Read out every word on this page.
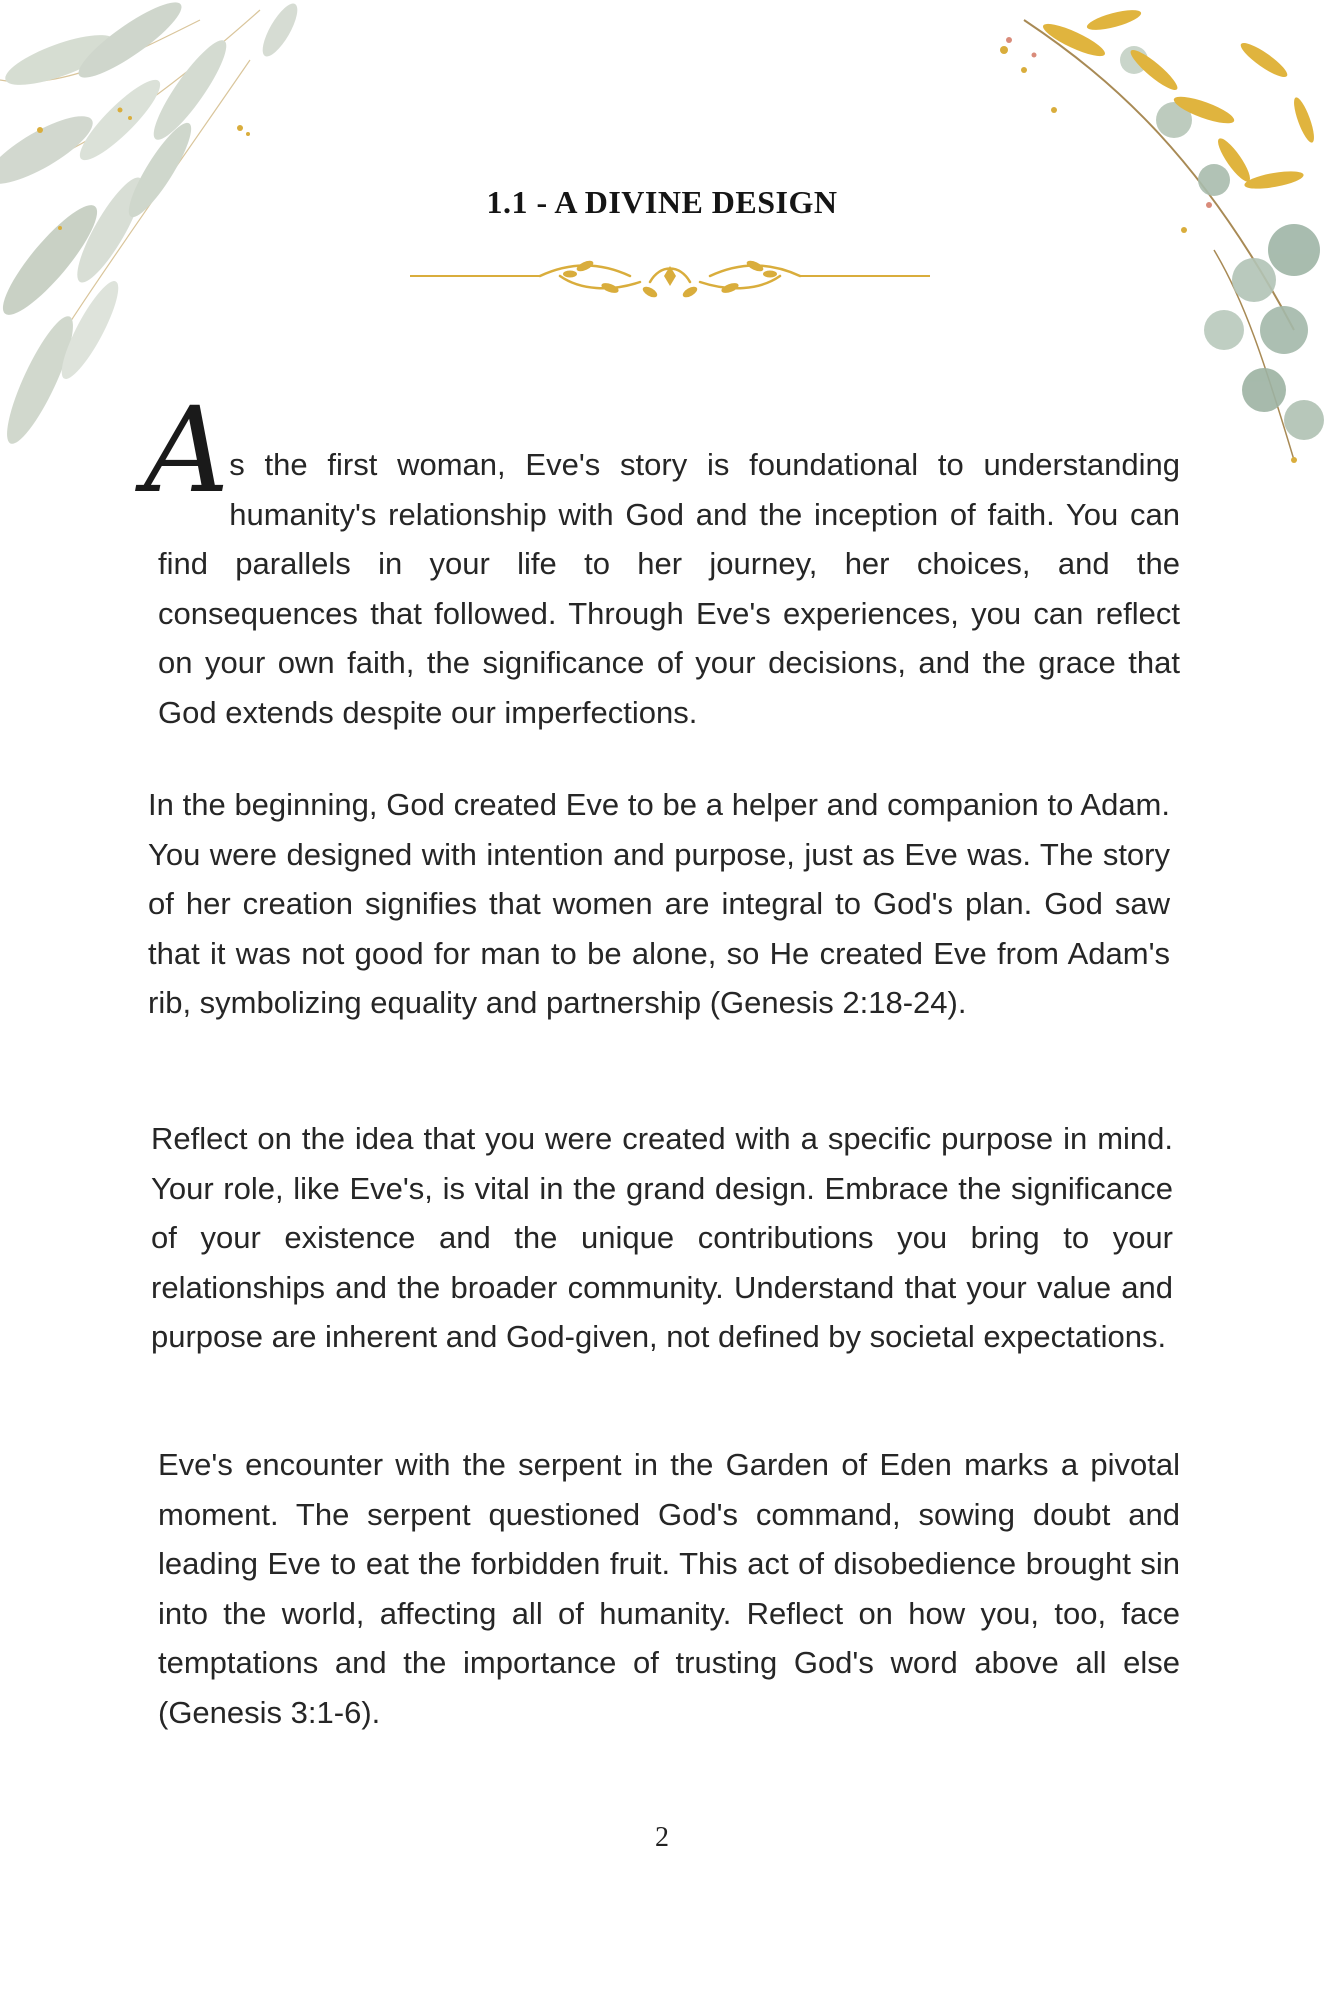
1.1 - A DIVINE DESIGN

As the first woman, Eve's story is foundational to understanding humanity's relationship with God and the inception of faith. You can find parallels in your life to her journey, her choices, and the consequences that followed. Through Eve's experiences, you can reflect on your own faith, the significance of your decisions, and the grace that God extends despite our imperfections.

In the beginning, God created Eve to be a helper and companion to Adam. You were designed with intention and purpose, just as Eve was. The story of her creation signifies that women are integral to God's plan. God saw that it was not good for man to be alone, so He created Eve from Adam's rib, symbolizing equality and partnership (Genesis 2:18-24).

Reflect on the idea that you were created with a specific purpose in mind. Your role, like Eve's, is vital in the grand design. Embrace the significance of your existence and the unique contributions you bring to your relationships and the broader community. Understand that your value and purpose are inherent and God-given, not defined by societal expectations.

Eve's encounter with the serpent in the Garden of Eden marks a pivotal moment. The serpent questioned God's command, sowing doubt and leading Eve to eat the forbidden fruit. This act of disobedience brought sin into the world, affecting all of humanity. Reflect on how you, too, face temptations and the importance of trusting God's word above all else (Genesis 3:1-6).

2
